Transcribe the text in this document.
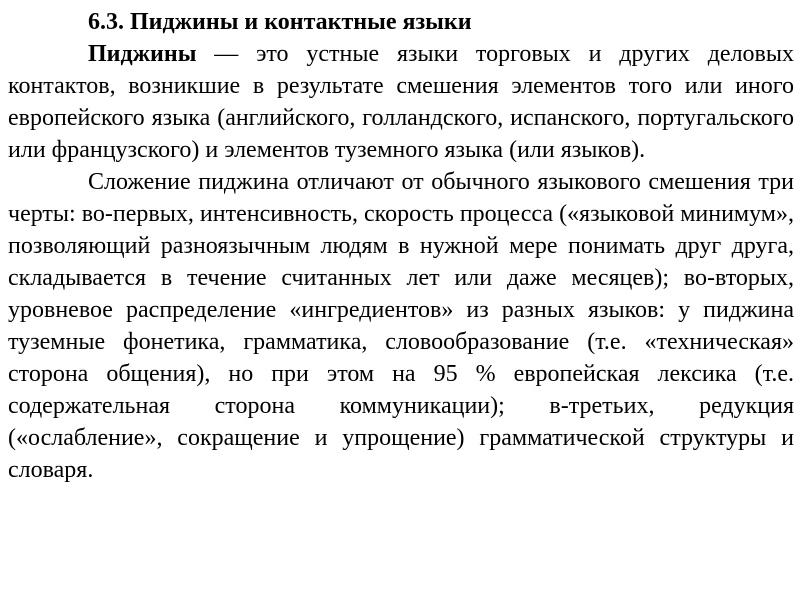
6.3. Пиджины и контактные языки

Пиджины — это устные языки торговых и других деловых контактов, возникшие в результате смешения элементов того или иного европейского языка (английского, голландского, испанского, португальского или французского) и элементов туземного языка (или языков).

Сложение пиджина отличают от обычного языкового смешения три черты: во-первых, интенсивность, скорость процесса («языковой минимум», позволяющий разноязычным людям в нужной мере понимать друг друга, складывается в течение считанных лет или даже месяцев); во-вторых, уровневое распределение «ингредиентов» из разных языков: у пиджина туземные фонетика, грамматика, словообразование (т.е. «техническая» сторона общения), но при этом на 95 % европейская лексика (т.е. содержательная сторона коммуникации); в-третьих, редукция («ослабление», сокращение и упрощение) грамматической структуры и словаря.
